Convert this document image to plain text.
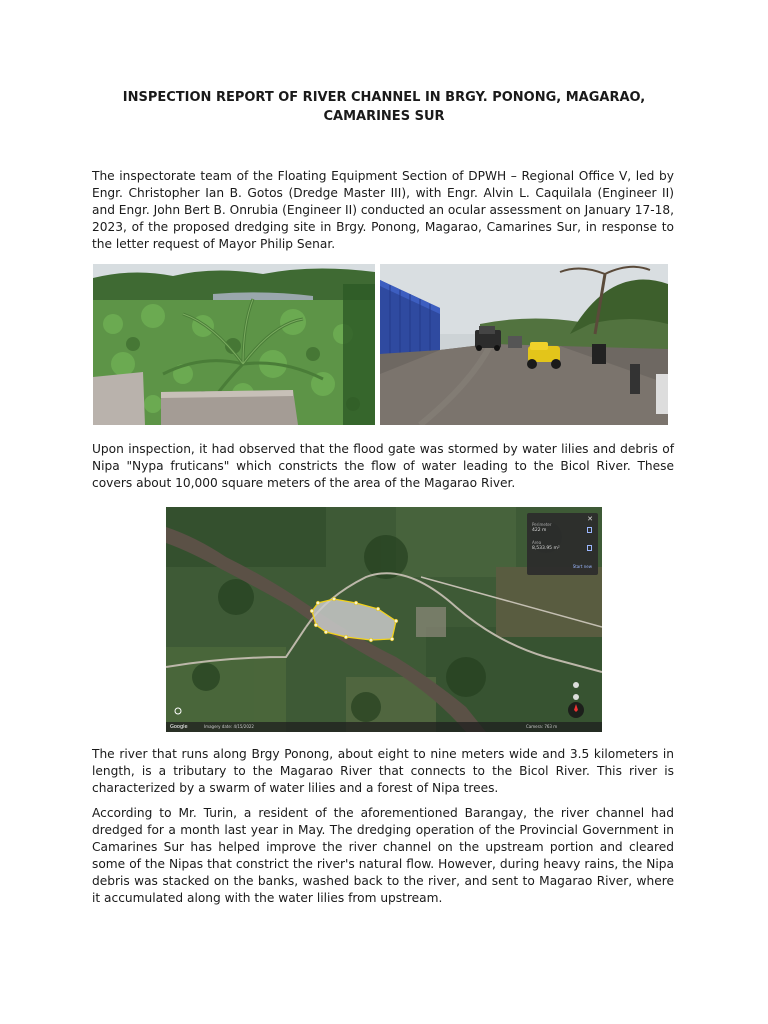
INSPECTION REPORT OF RIVER CHANNEL IN BRGY. PONONG, MAGARAO,
CAMARINES SUR

The inspectorate team of the Floating Equipment Section of DPWH – Regional Office V, led by Engr. Christopher Ian B. Gotos (Dredge Master III), with Engr. Alvin L. Caquilala (Engineer II) and Engr. John Bert B. Onrubia (Engineer II) conducted an ocular assessment on January 17-18, 2023, of the proposed dredging site in Brgy. Ponong, Magarao, Camarines Sur, in response to the letter request of Mayor Philip Senar.

Upon inspection, it had observed that the flood gate was stormed by water lilies and debris of Nipa "Nypa fruticans" which constricts the flow of water leading to the Bicol River. These covers about 10,000 square meters of the area of the Magarao River.

✕
Perimeter
422 m
Area
8,533.95 m²
Start new
Google	Imagery date: 4/15/2022	Camera: 763 m

The river that runs along Brgy Ponong, about eight to nine meters wide and 3.5 kilometers in length, is a tributary to the Magarao River that connects to the Bicol River. This river is characterized by a swarm of water lilies and a forest of Nipa trees.

According to Mr. Turin, a resident of the aforementioned Barangay, the river channel had dredged for a month last year in May. The dredging operation of the Provincial Government in Camarines Sur has helped improve the river channel on the upstream portion and cleared some of the Nipas that constrict the river's natural flow. However, during heavy rains, the Nipa debris was stacked on the banks, washed back to the river, and sent to Magarao River, where it accumulated along with the water lilies from upstream.
